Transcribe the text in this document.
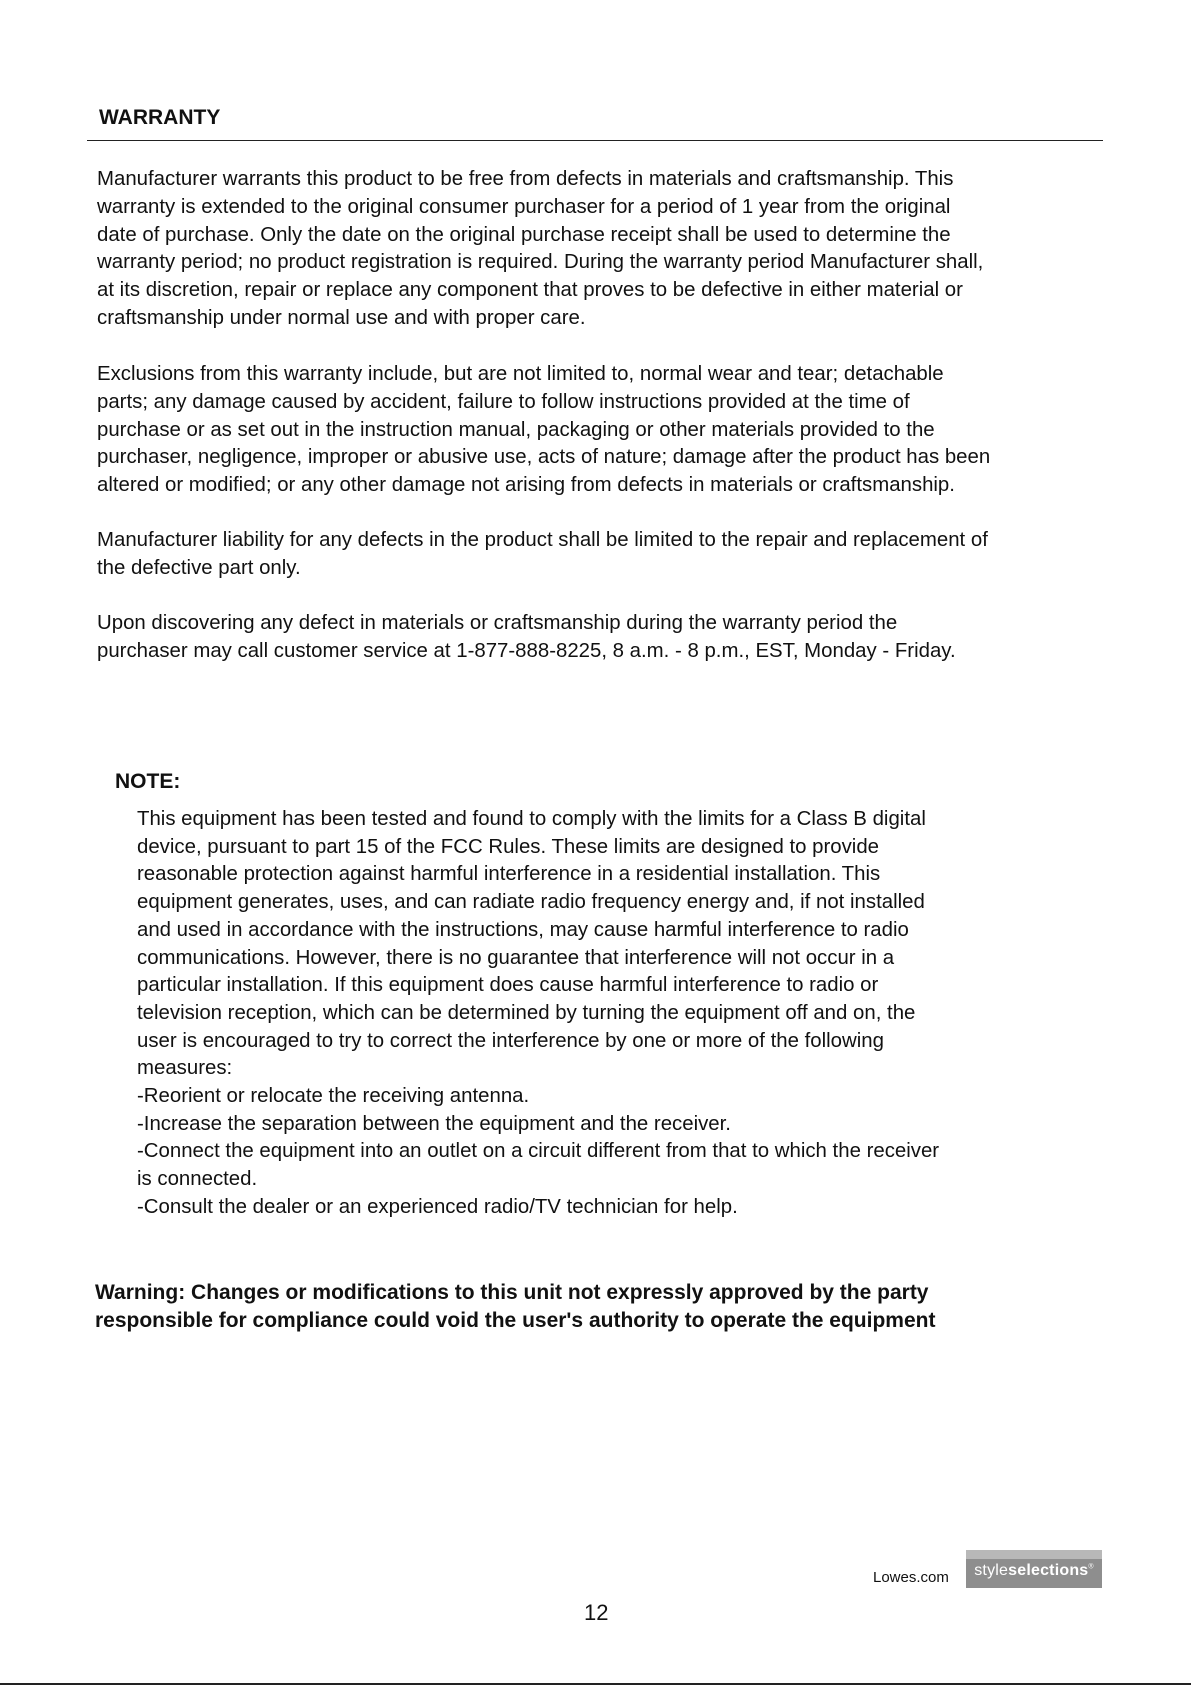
WARRANTY
Manufacturer warrants this product to be free from defects in materials and craftsmanship. This
warranty is extended to the original consumer purchaser for a period of 1 year from the original
date of purchase. Only the date on the original purchase receipt shall be used to determine the
warranty period; no product registration is required. During the warranty period Manufacturer shall,
at its discretion, repair or replace any component that proves to be defective in either material or
craftsmanship under normal use and with proper care.
Exclusions from this warranty include, but are not limited to, normal wear and tear; detachable
parts; any damage caused by accident, failure to follow instructions provided at the time of
purchase or as set out in the instruction manual, packaging or other materials provided to the
purchaser, negligence, improper or abusive use, acts of nature; damage after the product has been
altered or modified; or any other damage not arising from defects in materials or craftsmanship.
Manufacturer liability for any defects in the product shall be limited to the repair and replacement of
the defective part only.
Upon discovering any defect in materials or craftsmanship during the warranty period the
purchaser may call customer service at 1-877-888-8225, 8 a.m. - 8 p.m., EST, Monday - Friday.
NOTE:
This equipment has been tested and found to comply with the limits for a Class B digital
device, pursuant to part 15 of the FCC Rules. These limits are designed to provide
reasonable protection against harmful interference in a residential installation. This
equipment generates, uses, and can radiate radio frequency energy and, if not installed
and used in accordance with the instructions, may cause harmful interference to radio
communications. However, there is no guarantee that interference will not occur in a
particular installation. If this equipment does cause harmful interference to radio or
television reception, which can be determined by turning the equipment off and on, the
user is encouraged to try to correct the interference by one or more of the following
measures:
-Reorient or relocate the receiving antenna.
-Increase the separation between the equipment and the receiver.
-Connect the equipment into an outlet on a circuit different from that to which the receiver
is connected.
-Consult the dealer or an experienced radio/TV technician for help.
Warning: Changes or modifications to this unit not expressly approved by the party
responsible for compliance could void the user's authority to operate the equipment
Lowes.com	styleselections®
12
